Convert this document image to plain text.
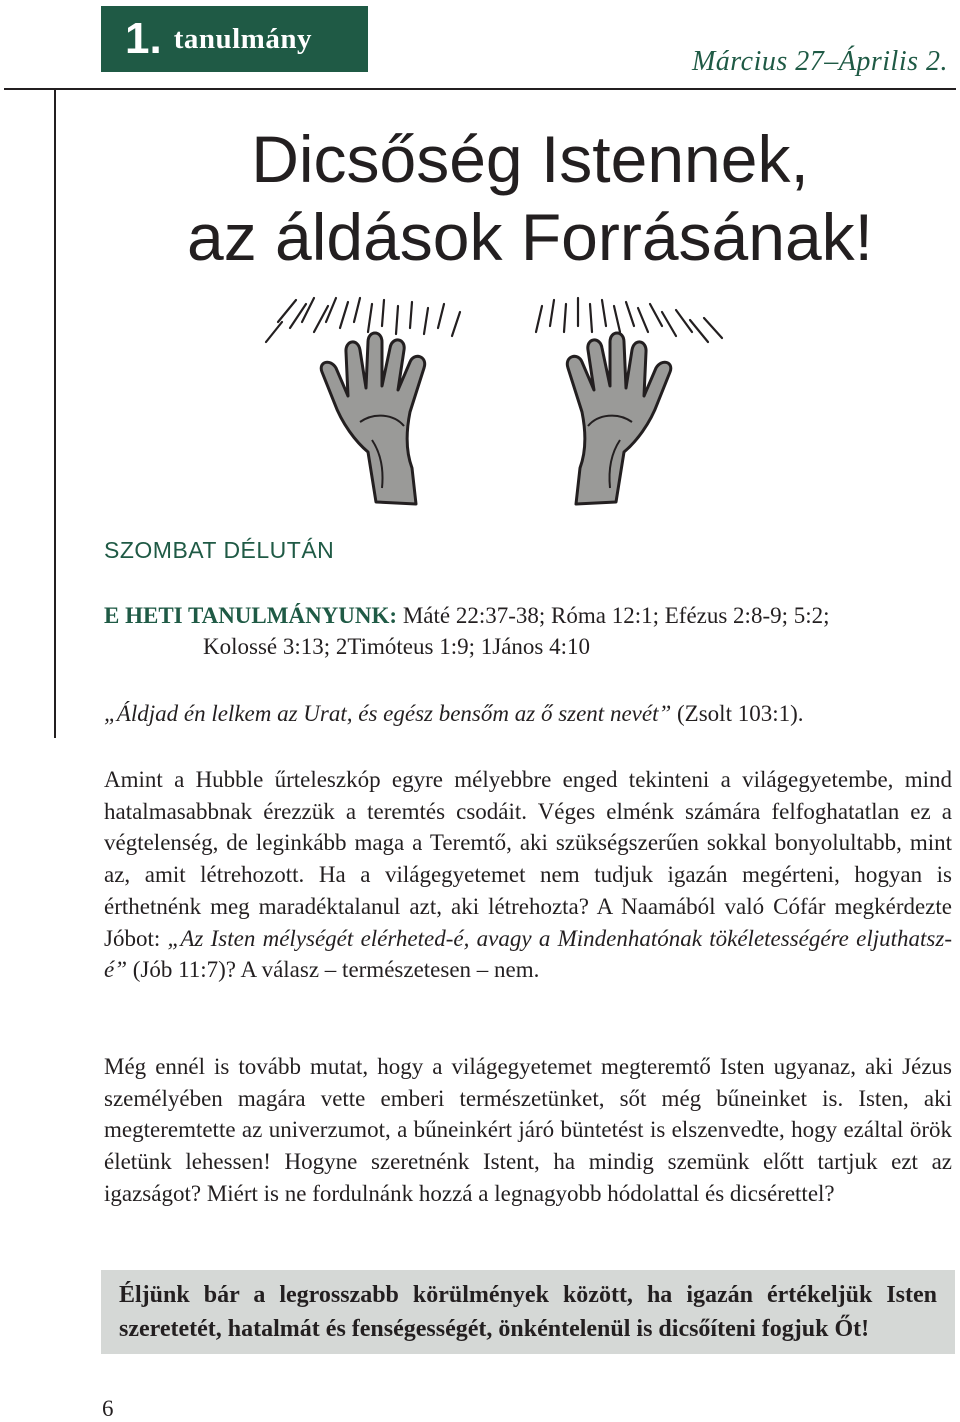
1. tanulmány
Március 27–Április 2.
Dicsőség Istennek,
az áldások Forrásának!
SZOMBAT DÉLUTÁN
E HETI TANULMÁNYUNK: Máté 22:37-38; Róma 12:1; Efézus 2:8-9; 5:2;
Kolossé 3:13; 2Timóteus 1:9; 1János 4:10
„Áldjad én lelkem az Urat, és egész bensőm az ő szent nevét” (Zsolt 103:1).

Amint a Hubble űrteleszkóp egyre mélyebbre enged tekinteni a világegyetembe, mind hatalmasabbnak érezzük a teremtés csodáit. Véges elménk számára felfoghatatlan ez a végtelenség, de leginkább maga a Teremtő, aki szükségszerűen sokkal bonyolultabb, mint az, amit létrehozott. Ha a világegyetemet nem tudjuk igazán megérteni, hogyan is érthetnénk meg maradéktalanul azt, aki létrehozta? A Naamából való Cófár megkérdezte Jóbot: „Az Isten mélységét elérheted-é, avagy a Mindenhatónak tökéletességére eljuthatsz-é” (Jób 11:7)? A válasz – természetesen – nem.

Még ennél is tovább mutat, hogy a világegyetemet megteremtő Isten ugyanaz, aki Jézus személyében magára vette emberi természetünket, sőt még bűneinket is. Isten, aki megteremtette az univerzumot, a bűneinkért járó büntetést is elszenvedte, hogy ezáltal örök életünk lehessen! Hogyne szeretnénk Istent, ha mindig szemünk előtt tartjuk ezt az igazságot? Miért is ne fordulnánk hozzá a legnagyobb hódolattal és dicsérettel?

Éljünk bár a legrosszabb körülmények között, ha igazán értékeljük Isten szeretetét, hatalmát és fenségességét, önkéntelenül is dicsőíteni fogjuk Őt!
6
